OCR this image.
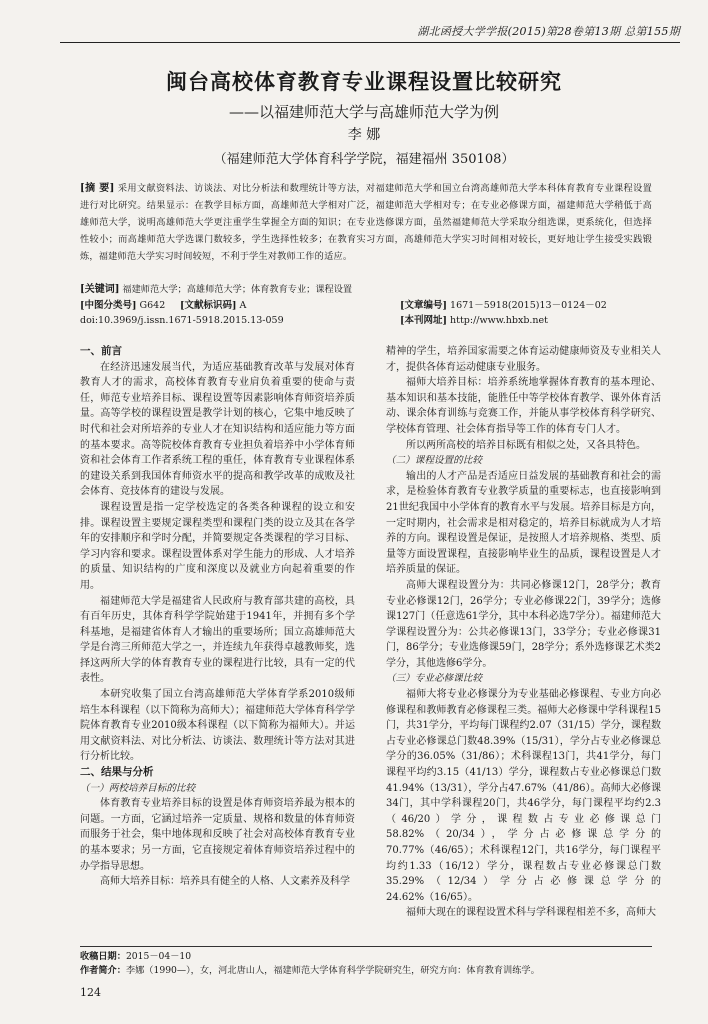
湖北函授大学学报(2015)第28卷第13期 总第155期
闽台高校体育教育专业课程设置比较研究
——以福建师范大学与高雄师范大学为例
李 娜
（福建师范大学体育科学学院，福建福州 350108）
[摘 要] 采用文献资料法、访谈法、对比分析法和数理统计等方法，对福建师范大学和国立台湾高雄师范大学本科体育教育专业课程设置进行对比研究。结果显示：在教学目标方面，高雄师范大学相对广泛，福建师范大学相对专；在专业必修课方面，福建师范大学稍低于高雄师范大学，说明高雄师范大学更注重学生掌握全方面的知识；在专业选修课方面，虽然福建师范大学采取分组选课，更系统化，但选择性较小；而高雄师范大学选课门数较多，学生选择性较多；在教育实习方面，高雄师范大学实习时间相对较长，更好地让学生接受实践锻炼，福建师范大学实习时间较短，不利于学生对教师工作的适应。
[关键词] 福建师范大学；高雄师范大学；体育教育专业；课程设置
[中图分类号] G642	[文献标识码] A	[文章编号] 1671－5918(2015)13－0124－02
doi:10.3969/j.issn.1671-5918.2015.13-059	[本刊网址] http://www.hbxb.net
一、前言

在经济迅速发展当代，为适应基础教育改革与发展对体育教育人才的需求，高校体育教育专业肩负着重要的使命与责任，师范专业培养目标、课程设置等因素影响体育师资培养质量。高等学校的课程设置是教学计划的核心，它集中地反映了时代和社会对所培养的专业人才在知识结构和适应能力等方面的基本要求。高等院校体育教育专业担负着培养中小学体育师资和社会体育工作者系统工程的重任，体育教育专业课程体系的建设关系到我国体育师资水平的提高和教学改革的成败及社会体育、竞技体育的建设与发展。

课程设置是指一定学校选定的各类各种课程的设立和安排。课程设置主要规定课程类型和课程门类的设立及其在各学年的安排顺序和学时分配，并简要规定各类课程的学习目标、学习内容和要求。课程设置体系对学生能力的形成、人才培养的质量、知识结构的广度和深度以及就业方向起着重要的作用。

福建师范大学是福建省人民政府与教育部共建的高校，具有百年历史，其体育科学学院始建于1941年，并拥有多个学科基地，是福建省体育人才输出的重要场所；国立高雄师范大学是台湾三所师范大学之一，并连续九年获得卓越教师奖，选择这两所大学的体育教育专业的课程进行比较，具有一定的代表性。

本研究收集了国立台湾高雄师范大学体育学系2010级师培生本科课程（以下简称为高师大）；福建师范大学体育科学学院体育教育专业2010级本科课程（以下简称为福师大）。并运用文献资料法、对比分析法、访谈法、数理统计等方法对其进行分析比较。

二、结果与分析
（一）两校培养目标的比较

体育教育专业培养目标的设置是体育师资培养最为根本的问题。一方面，它涵过培养一定质量、规格和数量的体育师资而服务于社会，集中地体现和反映了社会对高校体育教育专业的基本要求；另一方面，它直接规定着体育师资培养过程中的办学指导思想。

高师大培养目标：培养具有健全的人格、人文素养及科学

精神的学生，培养国家需要之体育运动健康师资及专业相关人才，提供各体育运动健康专业服务。

福师大培养目标：培养系统地掌握体育教育的基本理论、基本知识和基本技能，能胜任中等学校体育教学、课外体育活动、课余体育训练与竞赛工作，并能从事学校体育科学研究、学校体育管理、社会体育指导等工作的体育专门人才。

所以两所高校的培养目标既有相似之处，又各具特色。

（二）课程设置的比较

输出的人才产品是否适应日益发展的基础教育和社会的需求，是检验体育教育专业教学质量的重要标志，也直接影响到21世纪我国中小学体育的教育水平与发展。培养目标是方向，一定时期内，社会需求是相对稳定的，培养目标就成为人才培养的方向。课程设置是保证，是按照人才培养规格、类型、质量等方面设置课程，直接影响毕业生的品质，课程设置是人才培养质量的保证。

高师大课程设置分为：共同必修课12门，28学分；教育专业必修课12门，26学分；专业必修课22门，39学分；选修课127门（任意选61学分，其中本科必选7学分）。福建师范大学课程设置分为：公共必修课13门，33学分；专业必修课31门，86学分；专业选修课59门，28学分；系外选修课艺术类2学分，其他选修6学分。

（三）专业必修课比较

福师大将专业必修课分为专业基础必修课程、专业方向必修课程和教师教育必修课程三类。福师大必修课中学科课程15门，共31学分，平均每门课程约2.07（31/15）学分，课程数占专业必修课总门数48.39%（15/31），学分占专业必修课总学分的36.05%（31/86）；术科课程13门，共41学分，每门课程平均约3.15（41/13）学分，课程数占专业必修课总门数41.94%（13/31），学分占47.67%（41/86）。高师大必修课34门，其中学科课程20门，共46学分，每门课程平均约2.3（46/20）学分，课程数占专业必修课总门58.82%（20/34），学分占必修课总学分的70.77%（46/65）；术科课程12门，共16学分，每门课程平均约1.33（16/12）学分，课程数占专业必修课总门数35.29%（12/34）学分占必修课总学分的24.62%（16/65）。

福师大现在的课程设置术科与学科课程相差不多，高师大

收稿日期：2015－04－10
作者简介：李娜（1990—），女，河北唐山人，福建师范大学体育科学学院研究生，研究方向：体育教育训练学。
124
